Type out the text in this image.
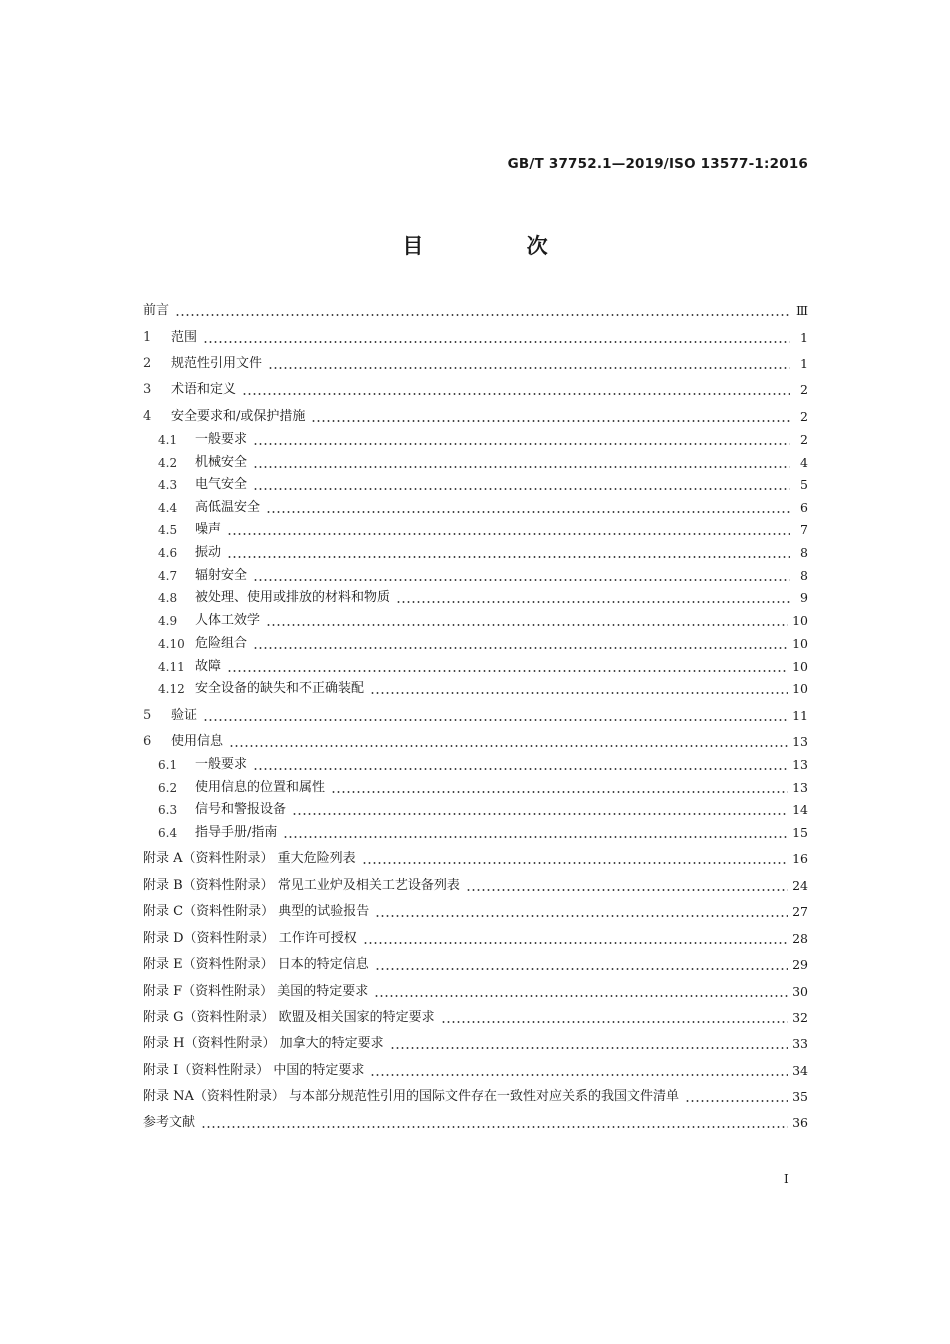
GB/T 37752.1—2019/ISO 13577-1:2016
目 次
前言	Ⅲ
1	范围	1
2	规范性引用文件	1
3	术语和定义	2
4	安全要求和/或保护措施	2
4.1	一般要求	2
4.2	机械安全	4
4.3	电气安全	5
4.4	高低温安全	6
4.5	噪声	7
4.6	振动	8
4.7	辐射安全	8
4.8	被处理、使用或排放的材料和物质	9
4.9	人体工效学	10
4.10 危险组合	10
4.11 故障	10
4.12 安全设备的缺失和不正确装配	10
5	验证	11
6	使用信息	13
6.1	一般要求	13
6.2	使用信息的位置和属性	13
6.3	信号和警报设备	14
6.4	指导手册/指南	15
附录 A（资料性附录） 重大危险列表	16
附录 B（资料性附录） 常见工业炉及相关工艺设备列表	24
附录 C（资料性附录） 典型的试验报告	27
附录 D（资料性附录） 工作许可授权	28
附录 E（资料性附录） 日本的特定信息	29
附录 F（资料性附录） 美国的特定要求	30
附录 G（资料性附录） 欧盟及相关国家的特定要求	32
附录 H（资料性附录） 加拿大的特定要求	33
附录 I（资料性附录） 中国的特定要求	34
附录 NA（资料性附录） 与本部分规范性引用的国际文件存在一致性对应关系的我国文件清单	35
参考文献	36
I
